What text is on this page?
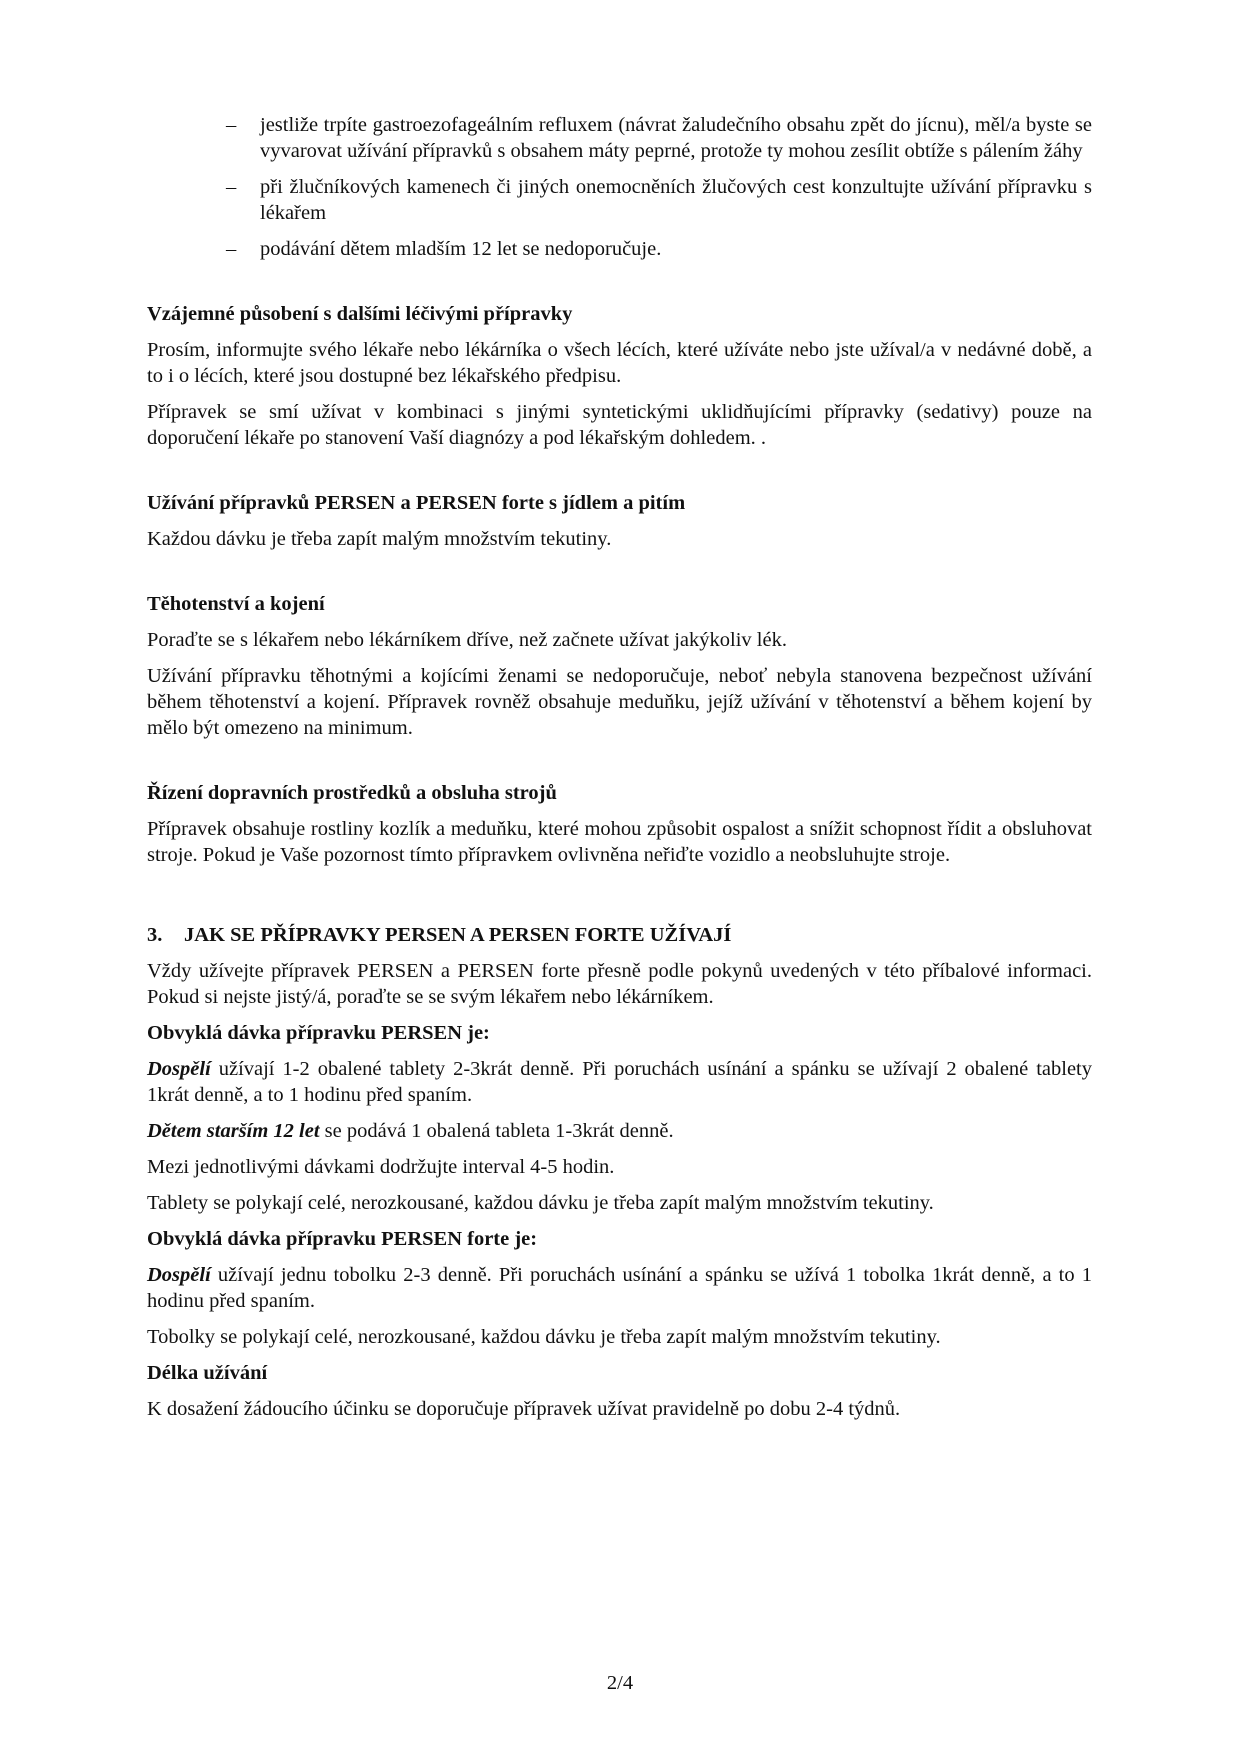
–	jestliže trpíte gastroezofageálním refluxem (návrat žaludečního obsahu zpět do jícnu), měl/a byste se vyvarovat užívání přípravků s obsahem máty peprné, protože ty mohou zesílit obtíže s pálením žáhy

–	při žlučníkových kamenech či jiných onemocněních žlučových cest konzultujte užívání přípravku s lékařem

–	podávání dětem mladším 12 let se nedoporučuje.

Vzájemné působení s dalšími léčivými přípravky

Prosím, informujte svého lékaře nebo lékárníka o všech lécích, které užíváte nebo jste užíval/a v nedávné době, a to i o lécích, které jsou dostupné bez lékařského předpisu.

Přípravek se smí užívat v kombinaci s jinými syntetickými uklidňujícími přípravky (sedativy) pouze na doporučení lékaře po stanovení Vaší diagnózy a pod lékařským dohledem. .

Užívání přípravků PERSEN a PERSEN forte s jídlem a pitím

Každou dávku je třeba zapít malým množstvím tekutiny.

Těhotenství a kojení

Poraďte se s lékařem nebo lékárníkem dříve, než začnete užívat jakýkoliv lék.

Užívání přípravku těhotnými a kojícími ženami se nedoporučuje, neboť nebyla stanovena bezpečnost užívání během těhotenství a kojení. Přípravek rovněž obsahuje meduňku, jejíž užívání v těhotenství a během kojení by mělo být omezeno na minimum.

Řízení dopravních prostředků a obsluha strojů

Přípravek obsahuje rostliny kozlík a meduňku, které mohou způsobit ospalost a snížit schopnost řídit a obsluhovat stroje. Pokud je Vaše pozornost tímto přípravkem ovlivněna neřiďte vozidlo a neobsluhujte stroje.

3. JAK SE PŘÍPRAVKY PERSEN A PERSEN FORTE UŽÍVAJÍ

Vždy užívejte přípravek PERSEN a PERSEN forte přesně podle pokynů uvedených v této příbalové informaci. Pokud si nejste jistý/á, poraďte se se svým lékařem nebo lékárníkem.

Obvyklá dávka přípravku PERSEN je:

Dospělí užívají 1-2 obalené tablety 2-3krát denně. Při poruchách usínání a spánku se užívají 2 obalené tablety 1krát denně, a to 1 hodinu před spaním.

Dětem starším 12 let se podává 1 obalená tableta 1-3krát denně.

Mezi jednotlivými dávkami dodržujte interval 4-5 hodin.

Tablety se polykají celé, nerozkousané, každou dávku je třeba zapít malým množstvím tekutiny.

Obvyklá dávka přípravku PERSEN forte je:

Dospělí užívají jednu tobolku 2-3 denně. Při poruchách usínání a spánku se užívá 1 tobolka 1krát denně, a to 1 hodinu před spaním.

Tobolky se polykají celé, nerozkousané, každou dávku je třeba zapít malým množstvím tekutiny.

Délka užívání

K dosažení žádoucího účinku se doporučuje přípravek užívat pravidelně po dobu 2-4 týdnů.

2/4
